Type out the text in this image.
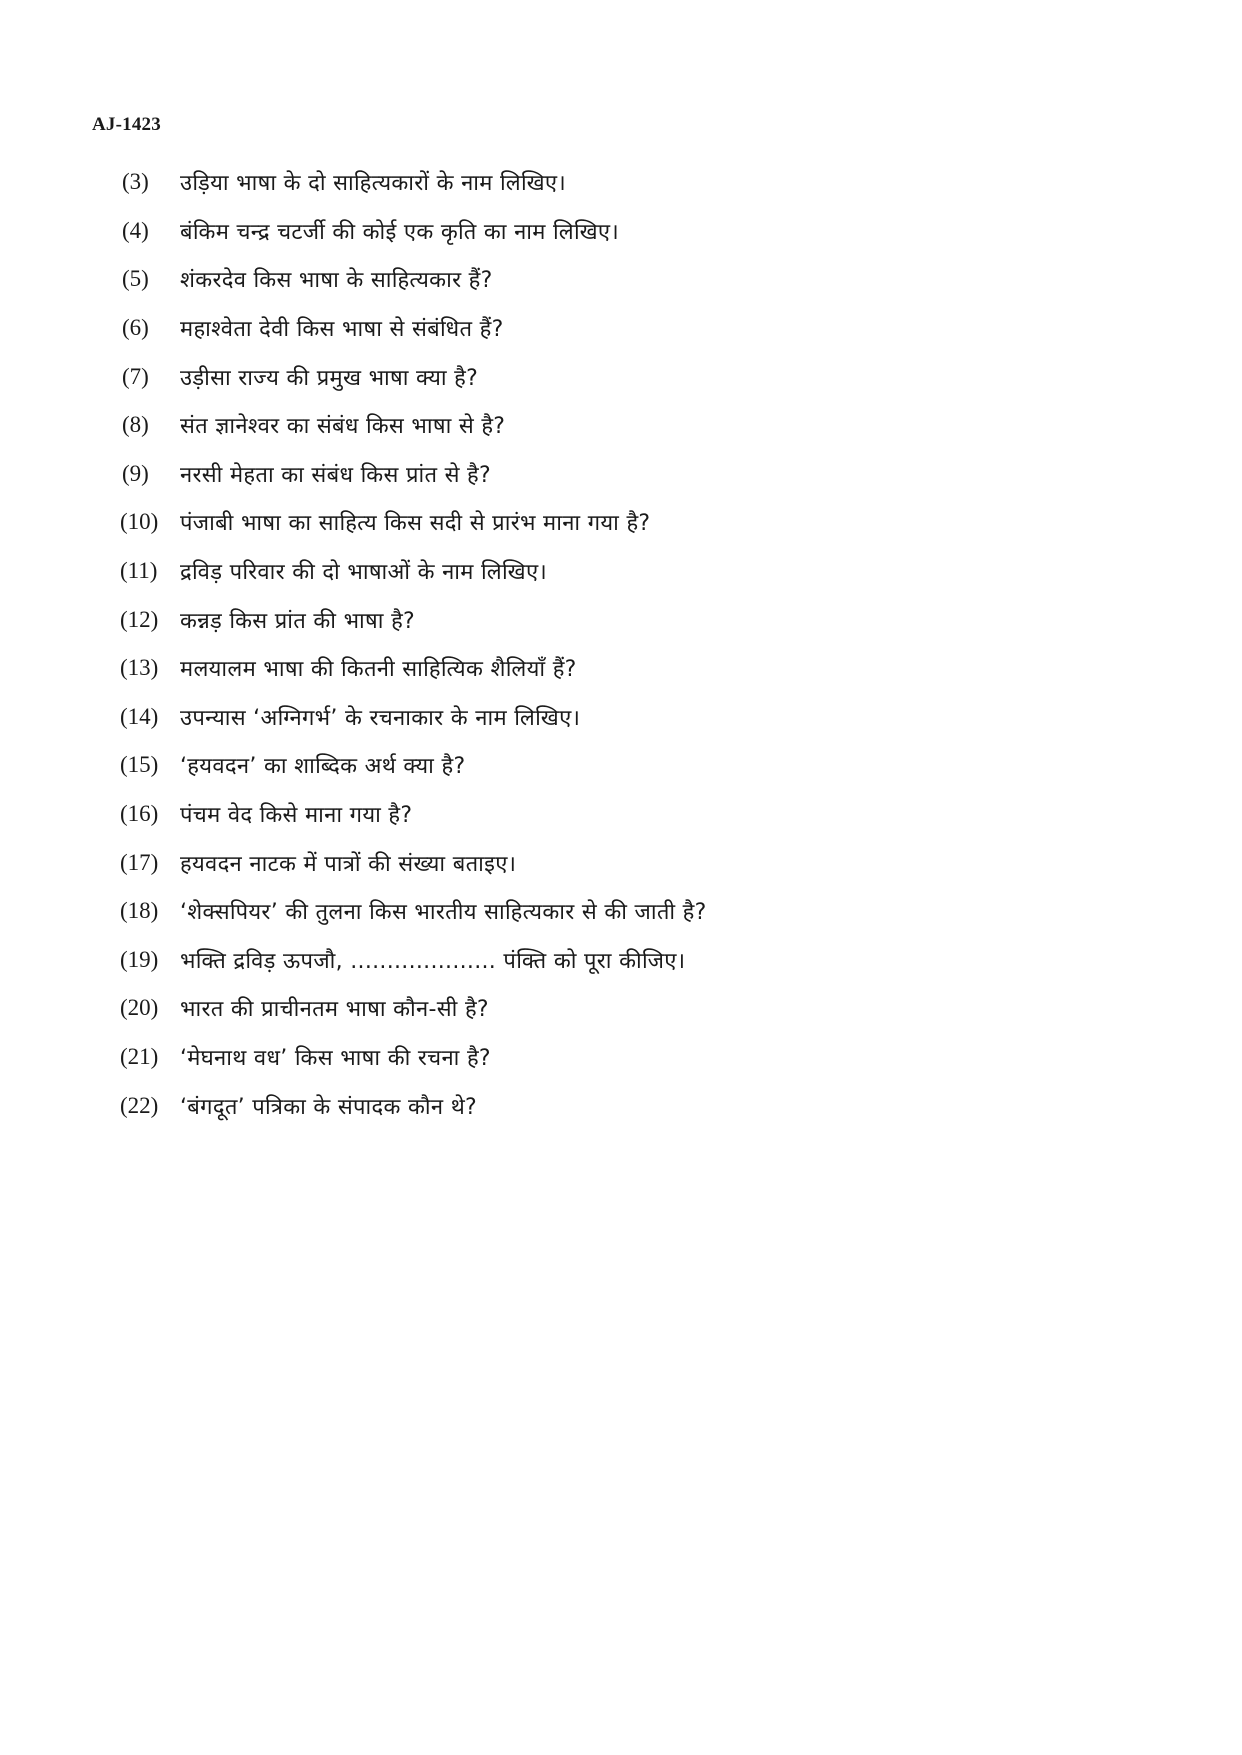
AJ-1423
(3)	उड़िया भाषा के दो साहित्यकारों के नाम लिखिए।
(4)	बंकिम चन्द्र चटर्जी की कोई एक कृति का नाम लिखिए।
(5)	शंकरदेव किस भाषा के साहित्यकार हैं?
(6)	महाश्वेता देवी किस भाषा से संबंधित हैं?
(7)	उड़ीसा राज्य की प्रमुख भाषा क्या है?
(8)	संत ज्ञानेश्वर का संबंध किस भाषा से है?
(9)	नरसी मेहता का संबंध किस प्रांत से है?
(10) पंजाबी भाषा का साहित्य किस सदी से प्रारंभ माना गया है?
(11)	द्रविड़ परिवार की दो भाषाओं के नाम लिखिए।
(12) कन्नड़ किस प्रांत की भाषा है?
(13) मलयालम भाषा की कितनी साहित्यिक शैलियाँ हैं?
(14) उपन्यास ‘अग्निगर्भ’ के रचनाकार के नाम लिखिए।
(15) ‘हयवदन’ का शाब्दिक अर्थ क्या है?
(16) पंचम वेद किसे माना गया है?
(17) हयवदन नाटक में पात्रों की संख्या बताइए।
(18) ‘शेक्सपियर’ की तुलना किस भारतीय साहित्यकार से की जाती है?
(19) भक्ति द्रविड़ ऊपजौ, .................... पंक्ति को पूरा कीजिए।
(20) भारत की प्राचीनतम भाषा कौन-सी है?
(21) ‘मेघनाथ वध’ किस भाषा की रचना है?
(22) ‘बंगदूत’ पत्रिका के संपादक कौन थे?
